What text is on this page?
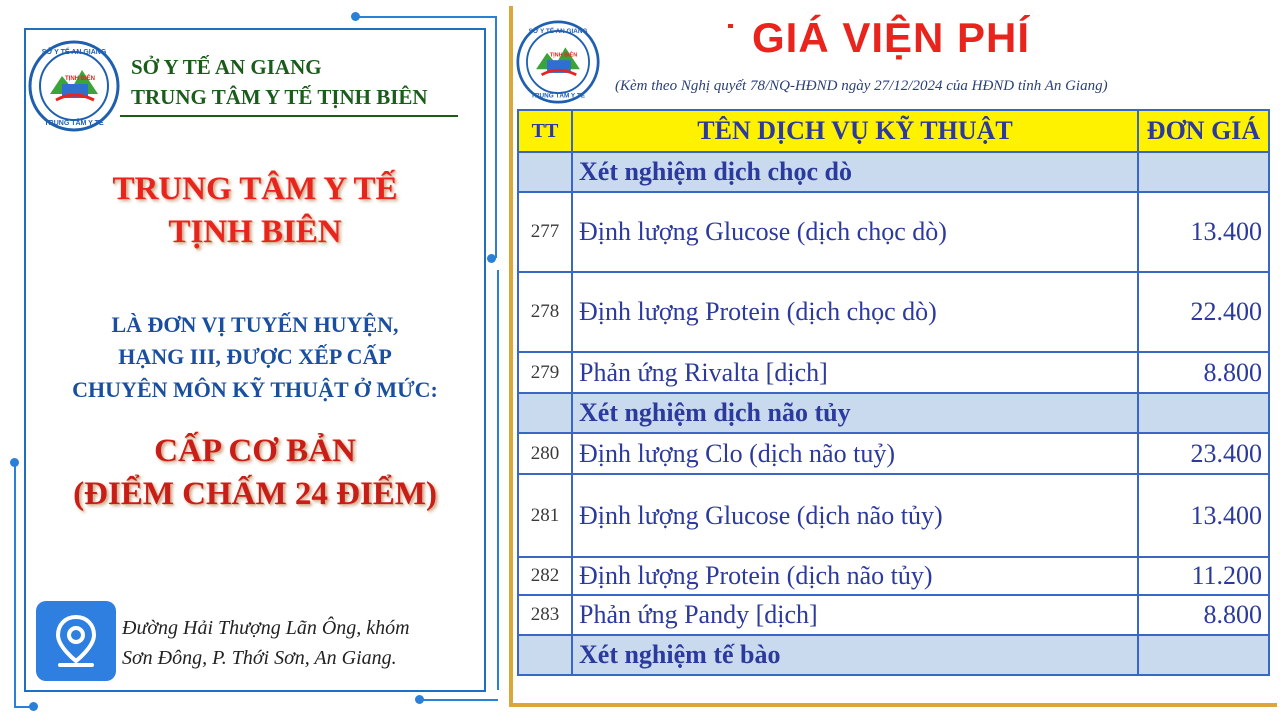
SỞ Y TẾ AN GIANG
TỊNH BIÊN
TRUNG TÂM Y TẾ
SỞ Y TẾ AN GIANG
TRUNG TÂM Y TẾ TỊNH BIÊN
TRUNG TÂM Y TẾ
TỊNH BIÊN
LÀ ĐƠN VỊ TUYẾN HUYỆN,
HẠNG III, ĐƯỢC XẾP CẤP
CHUYÊN MÔN KỸ THUẬT Ở MỨC:
CẤP CƠ BẢN
(ĐIỂM CHẤM 24 ĐIỂM)
Đường Hải Thượng Lãn Ông, khóm
Sơn Đông, P. Thới Sơn, An Giang.
SỞ Y TẾ AN GIANG
TỊNH BIÊN
TRUNG TÂM Y TẾ
GIÁ VIỆN PHÍ
(Kèm theo Nghị quyết 78/NQ-HĐND ngày 27/12/2024 của HĐND tỉnh An Giang)
TT	TÊN DỊCH VỤ KỸ THUẬT	ĐƠN GIÁ
	Xét nghiệm dịch chọc dò	
277	Định lượng Glucose (dịch chọc dò)	13.400
278	Định lượng Protein (dịch chọc dò)	22.400
279	Phản ứng Rivalta [dịch]	8.800
	Xét nghiệm dịch não tủy	
280	Định lượng Clo (dịch não tuỷ)	23.400
281	Định lượng Glucose (dịch não tủy)	13.400
282	Định lượng Protein (dịch não tủy)	11.200
283	Phản ứng Pandy [dịch]	8.800
	Xét nghiệm tế bào	
